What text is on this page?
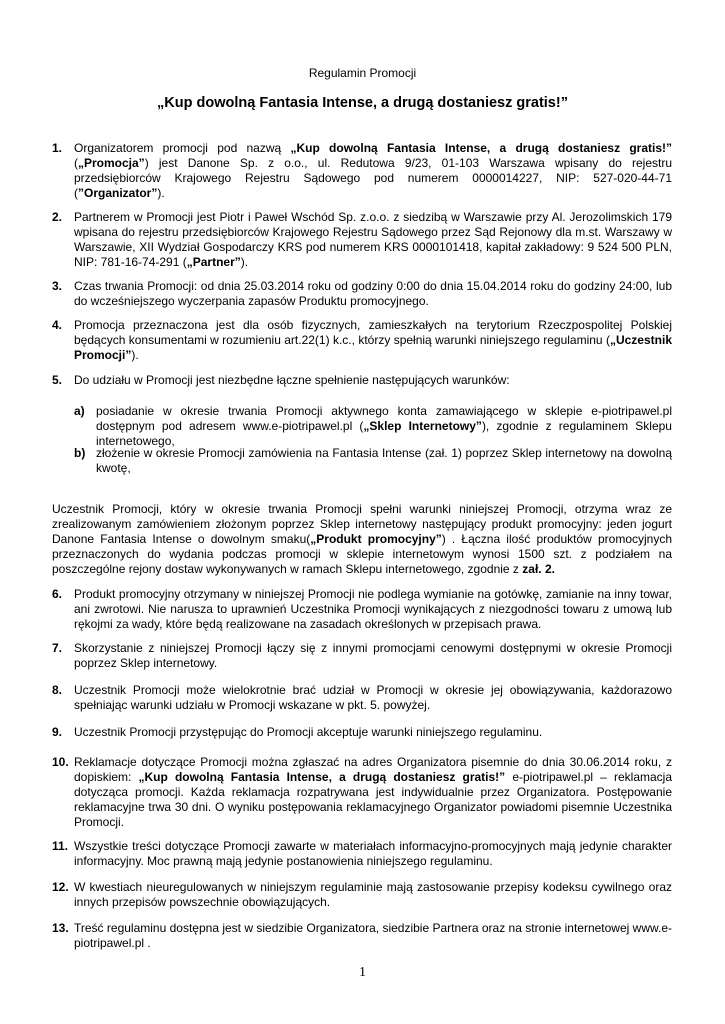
Regulamin Promocji
„Kup dowolną Fantasia Intense, a drugą dostaniesz gratis!”
1. Organizatorem promocji pod nazwą „Kup dowolną Fantasia Intense, a drugą dostaniesz gratis!” („Promocja”) jest Danone Sp. z o.o., ul. Redutowa 9/23, 01-103 Warszawa wpisany do rejestru przedsiębiorców Krajowego Rejestru Sądowego pod numerem 0000014227, NIP: 527-020-44-71 (”Organizator”).
2. Partnerem w Promocji jest Piotr i Paweł Wschód Sp. z.o.o. z siedzibą w Warszawie przy Al. Jerozolimskich 179 wpisana do rejestru przedsiębiorców Krajowego Rejestru Sądowego przez Sąd Rejonowy dla m.st. Warszawy w Warszawie, XII Wydział Gospodarczy KRS pod numerem KRS 0000101418, kapitał zakładowy: 9 524 500 PLN, NIP: 781-16-74-291 („Partner”).
3. Czas trwania Promocji: od dnia 25.03.2014 roku od godziny 0:00 do dnia 15.04.2014 roku do godziny 24:00, lub do wcześniejszego wyczerpania zapasów Produktu promocyjnego.
4. Promocja przeznaczona jest dla osób fizycznych, zamieszkałych na terytorium Rzeczpospolitej Polskiej będących konsumentami w rozumieniu art.22(1) k.c., którzy spełnią warunki niniejszego regulaminu („Uczestnik Promocji”).
5. Do udziału w Promocji jest niezbędne łączne spełnienie następujących warunków:
a) posiadanie w okresie trwania Promocji aktywnego konta zamawiającego w sklepie e-piotripawel.pl dostępnym pod adresem www.e-piotripawel.pl („Sklep Internetowy”), zgodnie z regulaminem Sklepu internetowego,
b) złożenie w okresie Promocji zamówienia na Fantasia Intense (zał. 1) poprzez Sklep internetowy na dowolną kwotę,
Uczestnik Promocji, który w okresie trwania Promocji spełni warunki niniejszej Promocji, otrzyma wraz ze zrealizowanym zamówieniem złożonym poprzez Sklep internetowy następujący produkt promocyjny: jeden jogurt Danone Fantasia Intense o dowolnym smaku(„Produkt promocyjny”) . Łączna ilość produktów promocyjnych przeznaczonych do wydania podczas promocji w sklepie internetowym wynosi 1500 szt. z podziałem na poszczególne rejony dostaw wykonywanych w ramach Sklepu internetowego, zgodnie z zał. 2.
6. Produkt promocyjny otrzymany w niniejszej Promocji nie podlega wymianie na gotówkę, zamianie na inny towar, ani zwrotowi. Nie narusza to uprawnień Uczestnika Promocji wynikających z niezgodności towaru z umową lub rękojmi za wady, które będą realizowane na zasadach określonych w przepisach prawa.
7. Skorzystanie z niniejszej Promocji łączy się z innymi promocjami cenowymi dostępnymi w okresie Promocji poprzez Sklep internetowy.
8. Uczestnik Promocji może wielokrotnie brać udział w Promocji w okresie jej obowiązywania, każdorazowo spełniając warunki udziału w Promocji wskazane w pkt. 5. powyżej.
9. Uczestnik Promocji przystępując do Promocji akceptuje warunki niniejszego regulaminu.
10. Reklamacje dotyczące Promocji można zgłaszać na adres Organizatora pisemnie do dnia 30.06.2014 roku, z dopiskiem: „Kup dowolną Fantasia Intense, a drugą dostaniesz gratis!” e-piotripawel.pl – reklamacja dotycząca promocji. Każda reklamacja rozpatrywana jest indywidualnie przez Organizatora. Postępowanie reklamacyjne trwa 30 dni. O wyniku postępowania reklamacyjnego Organizator powiadomi pisemnie Uczestnika Promocji.
11. Wszystkie treści dotyczące Promocji zawarte w materiałach informacyjno-promocyjnych mają jedynie charakter informacyjny. Moc prawną mają jedynie postanowienia niniejszego regulaminu.
12. W kwestiach nieuregulowanych w niniejszym regulaminie mają zastosowanie przepisy kodeksu cywilnego oraz innych przepisów powszechnie obowiązujących.
13. Treść regulaminu dostępna jest w siedzibie Organizatora, siedzibie Partnera oraz na stronie internetowej www.e-piotripawel.pl .
1
